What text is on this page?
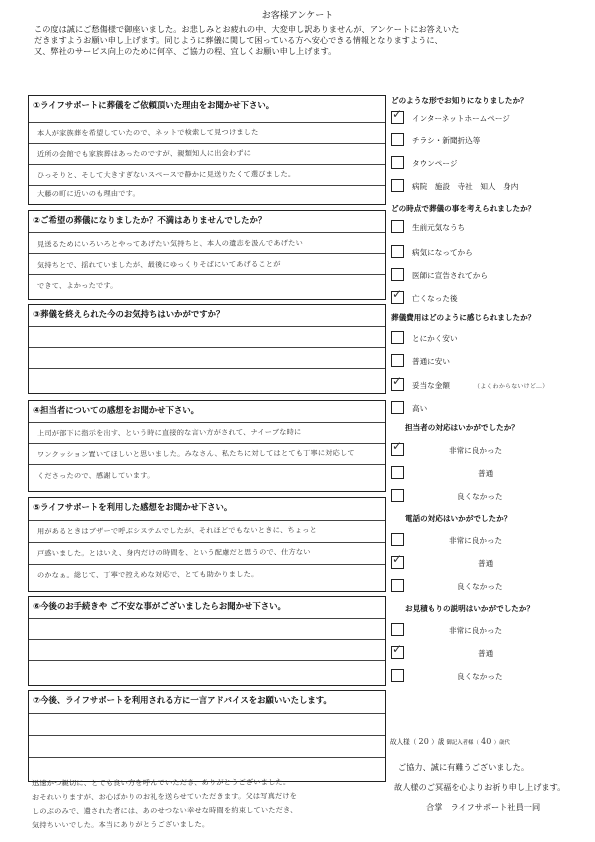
お客様アンケート
この度は誠にご愁傷様で御座いました。お悲しみとお疲れの中、大変申し訳ありませんが、アンケートにお答えいた
だきますようお願い申し上げます。同じように葬儀に関して困っている方へ安心できる情報となりますように、
又、弊社のサービス向上のために何卒、ご協力の程、宜しくお願い申し上げます。
①ライフサポートに葬儀をご依頼頂いた理由をお聞かせ下さい。
本人が家族葬を希望していたので、ネットで検索して見つけました
近所の会館でも家族葬はあったのですが、親類知人に出会わずに
ひっそりと、そして大きすぎないスペースで静かに見送りたくて選びました。
大藤の町に近いのも理由です。
②ご希望の葬儀になりましたか？不満はありませんでしたか？
見送るためにいろいろとやってあげたい気持ちと、本人の遺志を汲んであげたい
気持ちとで、揺れていましたが、最後にゆっくりそばにいてあげることが
できて、よかったです。
③葬儀を終えられた今のお気持ちはいかがですか？
④担当者についての感想をお聞かせ下さい。
上司が部下に指示を出す、という時に直接的な言い方がされて、ナイーブな時に
ワンクッション置いてほしいと思いました。みなさん、私たちに対してはとても丁寧に対応して
くださったので、感謝しています。
⑤ライフサポートを利用した感想をお聞かせ下さい。
用があるときはブザーで呼ぶシステムでしたが、それほどでもないときに、ちょっと
戸惑いました。とはいえ、身内だけの時間を、という配慮だと思うので、仕方ない
のかなぁ。総じて、丁寧で控えめな対応で、とても助かりました。
⑥今後のお手続きや ご不安な事がございましたらお聞かせ下さい。
⑦今後、ライフサポートを利用される方に一言アドバイスをお願いいたします。
迅速かつ親切に、とても良い方を呼んでいただき、ありがとうございました。
おそれいりますが、お心ばかりのお礼を送らせていただきます。父は写真だけを
しのぶのみで、遺された者には、あのせつない幸せな時間を約束していただき、
気持ちいいでした。本当にありがとうございました。
どのような形でお知りになりましたか？
✓ インターネットホームページ
チラシ・新聞折込等
タウンページ
病院　施設　寺社　知人　身内
どの時点で葬儀の事を考えられましたか？
生前元気なうち
病気になってから
医師に宣告されてから
✓ 亡くなった後
葬儀費用はどのように感じられましたか？
とにかく安い
普通に安い
✓ 妥当な金額	（よくわからないけど…）
高い
担当者の対応はいかがでしたか？
✓	非常に良かった
普通
良くなかった
電話の対応はいかがでしたか？
非常に良かった
✓	普通
良くなかった
お見積もりの説明はいかがでしたか？
非常に良かった
✓	普通
良くなかった
故人様（ 20 ）歳 御記入者様（ 40 ）歳代
ご協力、誠に有難うございました。
故人様のご冥福を心よりお祈り申し上げます。
合掌　ライフサポート社員一同
